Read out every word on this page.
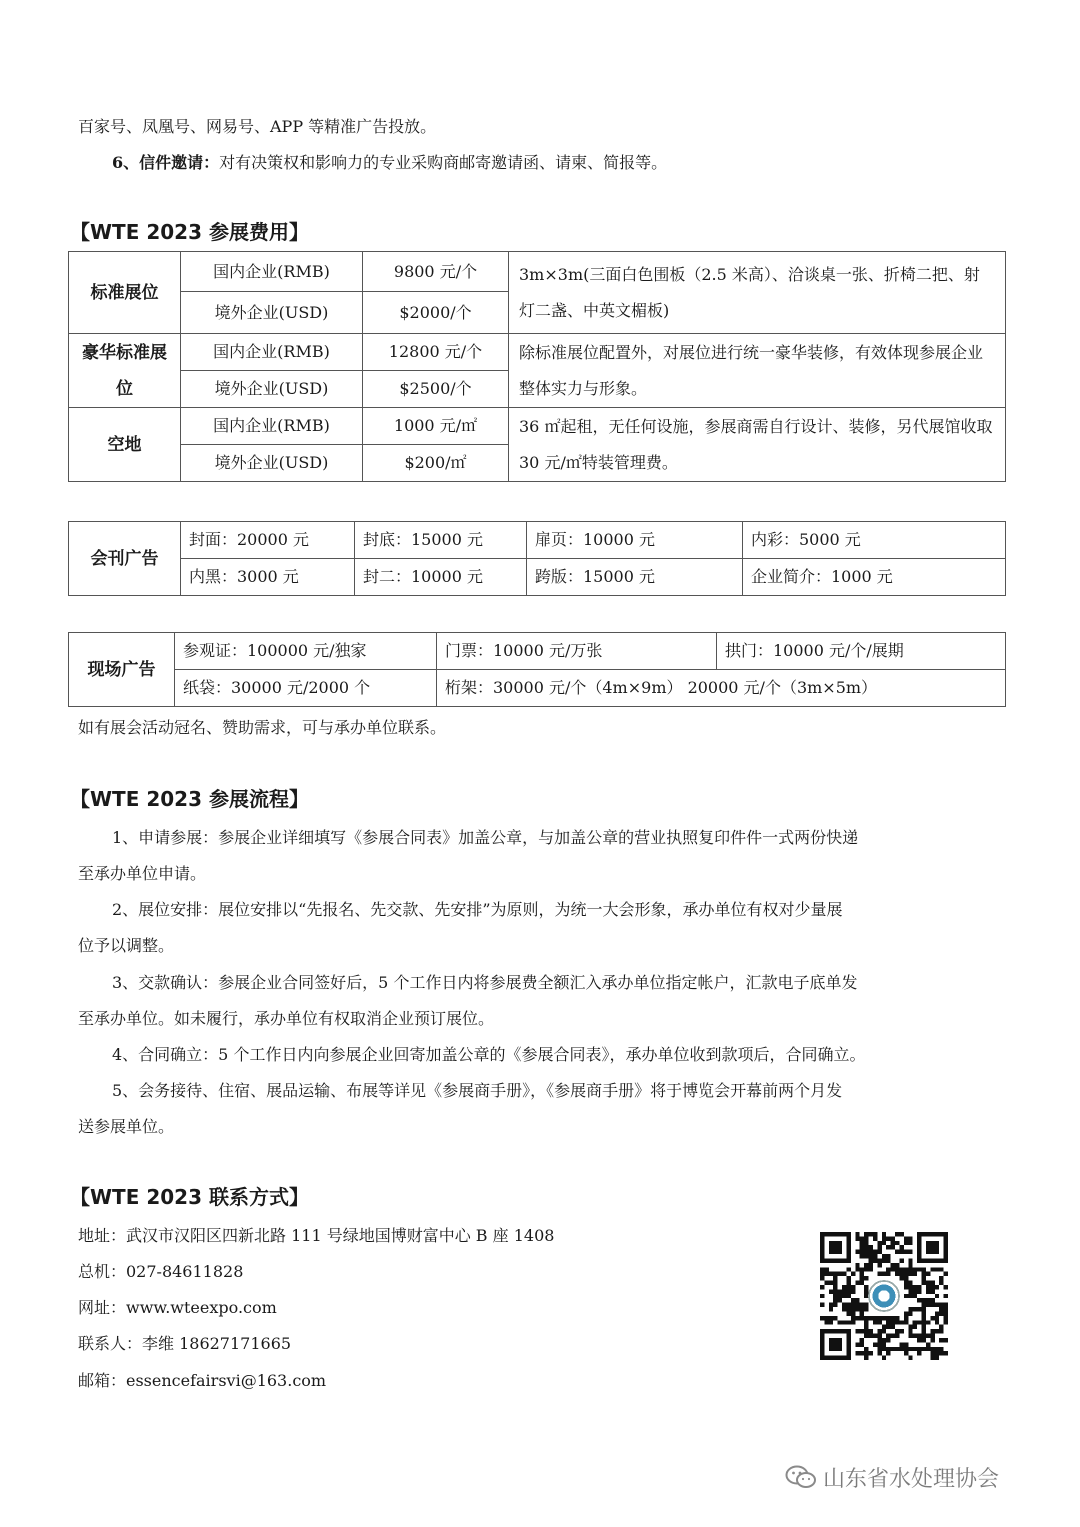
百家号、凤凰号、网易号、APP 等精准广告投放。
6、信件邀请：对有决策权和影响力的专业采购商邮寄邀请函、请柬、简报等。
【WTE 2023 参展费用】
标准展位	国内企业(RMB)	9800 元/个	3m×3m(三面白色围板（2.5 米高）、洽谈桌一张、折椅二把、射灯二盏、中英文楣板)
	境外企业(USD)	$2000/个	
豪华标准展位	国内企业(RMB)	12800 元/个	除标准展位配置外，对展位进行统一豪华装修，有效体现参展企业整体实力与形象。
	境外企业(USD)	$2500/个	
空地	国内企业(RMB)	1000 元/㎡	36 ㎡起租，无任何设施，参展商需自行设计、装修，另代展馆收取 30 元/㎡特装管理费。
	境外企业(USD)	$200/㎡	
会刊广告	封面：20000 元	封底：15000 元	扉页：10000 元	内彩：5000 元
	内黑：3000 元	封二：10000 元	跨版：15000 元	企业简介：1000 元
现场广告	参观证：100000 元/独家	门票：10000 元/万张	拱门：10000 元/个/展期
	纸袋：30000 元/2000 个	桁架：30000 元/个（4m×9m） 20000 元/个（3m×5m）	
如有展会活动冠名、赞助需求，可与承办单位联系。
【WTE 2023 参展流程】
1、申请参展：参展企业详细填写《参展合同表》加盖公章，与加盖公章的营业执照复印件件一式两份快递
至承办单位申请。
2、展位安排：展位安排以“先报名、先交款、先安排”为原则，为统一大会形象，承办单位有权对少量展
位予以调整。
3、交款确认：参展企业合同签好后，5 个工作日内将参展费全额汇入承办单位指定帐户，汇款电子底单发
至承办单位。如未履行，承办单位有权取消企业预订展位。
4、合同确立：5 个工作日内向参展企业回寄加盖公章的《参展合同表》，承办单位收到款项后，合同确立。
5、会务接待、住宿、展品运输、布展等详见《参展商手册》，《参展商手册》将于博览会开幕前两个月发
送参展单位。
【WTE 2023 联系方式】
地址：武汉市汉阳区四新北路 111 号绿地国博财富中心 B 座 1408
总机：027-84611828
网址：www.wteexpo.com
联系人：李维 18627171665
邮箱：essencefairsvi@163.com
山东省水处理协会
